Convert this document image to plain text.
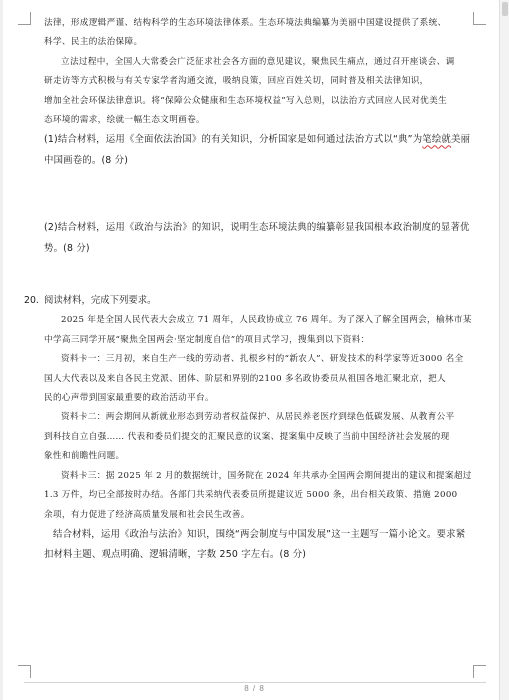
法律，形成逻辑严谨、结构科学的生态环境法律体系。生态环境法典编纂为美丽中国建设提供了系统、

科学、民主的法治保障。

立法过程中，全国人大常委会广泛征求社会各方面的意见建议，聚焦民生痛点，通过召开座谈会、调

研走访等方式积极与有关专家学者沟通交流，吸纳良策，回应百姓关切，同时普及相关法律知识，

增加全社会环保法律意识。将“保障公众健康和生态环境权益”写入总则，以法治方式回应人民对优美生

态环境的需求，绘就一幅生态文明画卷。

(1)结合材料，运用《全面依法治国》的有关知识，分析国家是如何通过法治方式以“典”为笔绘就美丽

中国画卷的。(8 分)

(2)结合材料，运用《政治与法治》的知识，说明生态环境法典的编纂彰显我国根本政治制度的显著优

势。(8 分)

20. 阅读材料，完成下列要求。

2025 年是全国人民代表大会成立 71 周年，人民政协成立 76 周年。为了深入了解全国两会，榆林市某

中学高三同学开展“聚焦全国两会·坚定制度自信”的项目式学习，搜集到以下资料：

资料卡一：三月初，来自生产一线的劳动者、扎根乡村的“新农人”、研发技术的科学家等近3000 名全

国人大代表以及来自各民主党派、团体、阶层和界别的2100 多名政协委员从祖国各地汇聚北京，把人

民的心声带到国家最重要的政治活动平台。

资料卡二：两会期间从新就业形态到劳动者权益保护、从居民养老医疗到绿色低碳发展、从教育公平

到科技自立自强…… 代表和委员们提交的汇聚民意的议案、提案集中反映了当前中国经济社会发展的现

象性和前瞻性问题。

资料卡三：据 2025 年 2 月的数据统计，国务院在 2024 年共承办全国两会期间提出的建议和提案超过

1.3 万件，均已全部按时办结。各部门共采纳代表委员所提建议近 5000 条，出台相关政策、措施 2000

余项，有力促进了经济高质量发展和社会民生改善。

结合材料，运用《政治与法治》知识，围绕“两会制度与中国发展”这一主题写一篇小论文。要求紧

扣材料主题、观点明确、逻辑清晰，字数 250 字左右。(8 分)

8 / 8
